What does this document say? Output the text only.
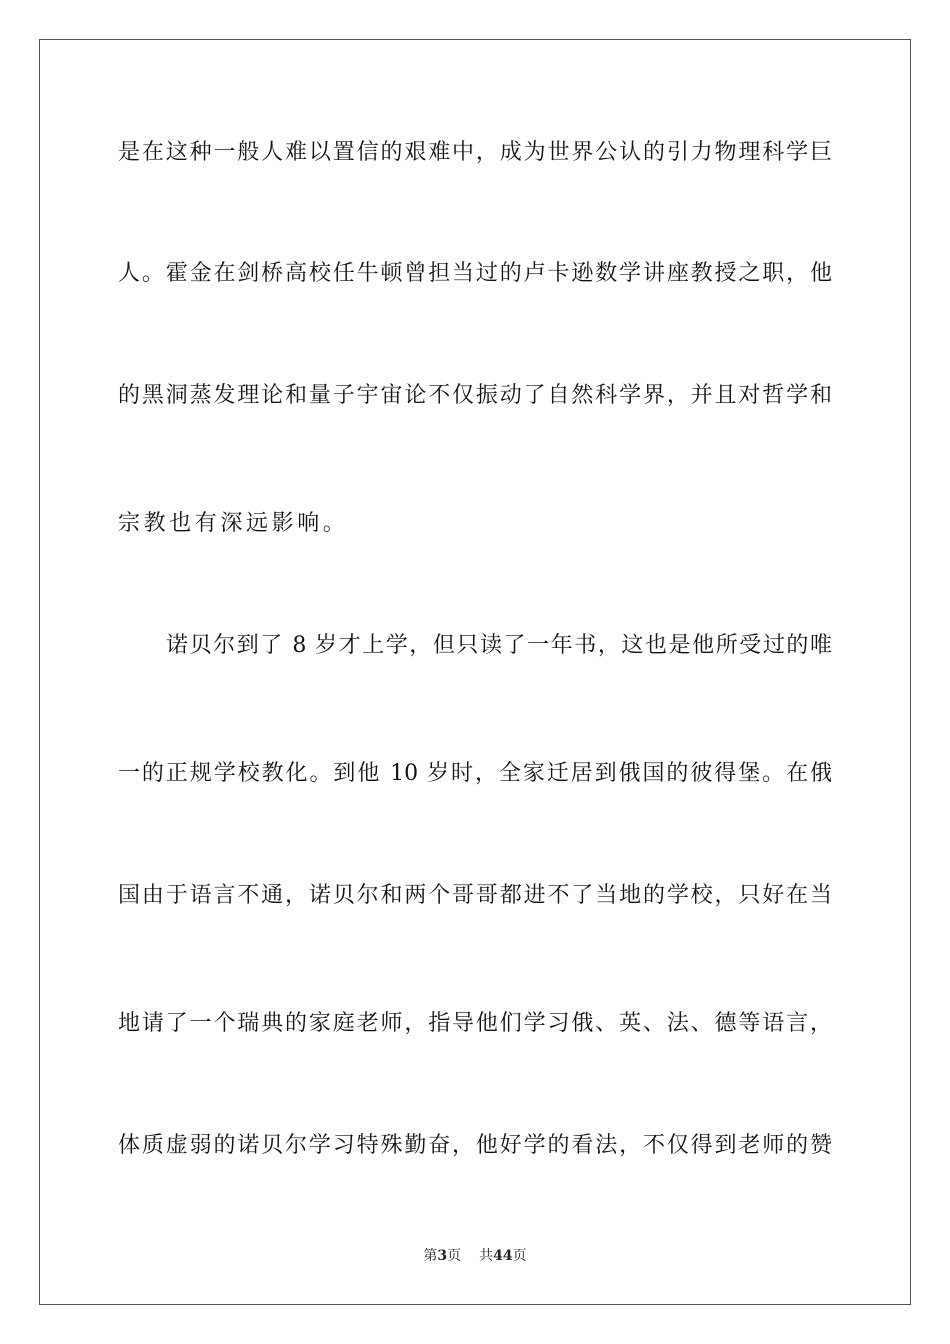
是在这种一般人难以置信的艰难中，成为世界公认的引力物理科学巨
人。霍金在剑桥高校任牛顿曾担当过的卢卡逊数学讲座教授之职，他
的黑洞蒸发理论和量子宇宙论不仅振动了自然科学界，并且对哲学和
宗教也有深远影响。
诺贝尔到了 8 岁才上学，但只读了一年书，这也是他所受过的唯
一的正规学校教化。到他 10 岁时，全家迁居到俄国的彼得堡。在俄
国由于语言不通，诺贝尔和两个哥哥都进不了当地的学校，只好在当
地请了一个瑞典的家庭老师，指导他们学习俄、英、法、德等语言，
体质虚弱的诺贝尔学习特殊勤奋，他好学的看法，不仅得到老师的赞
第3页 共44页
